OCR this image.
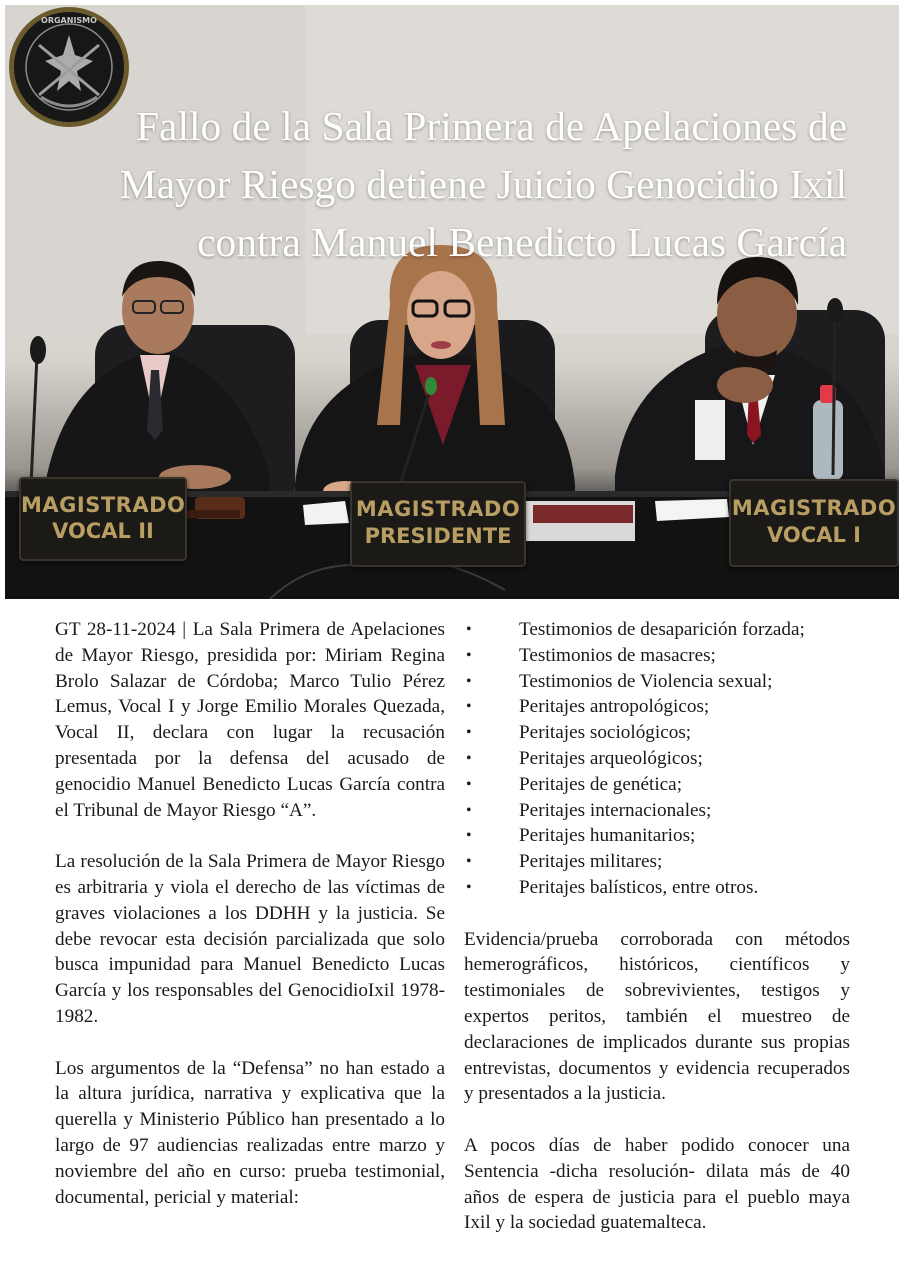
MAGISTRADO
VOCAL II
MAGISTRADO
PRESIDENTE
MAGISTRADO
VOCAL I
ORGANISMO
Fallo de la Sala Primera de Apelaciones de
Mayor Riesgo detiene Juicio Genocidio Ixil
contra Manuel Benedicto Lucas García

GT 28-11-2024 | La Sala Primera de Apelaciones de Mayor Riesgo, presidida por: Miriam Regina Brolo Salazar de Córdoba; Marco Tulio Pérez Lemus, Vocal I y Jorge Emilio Morales Quezada, Vocal II, declara con lugar la recusación presentada por la defensa del acusado de genocidio Manuel Benedicto Lucas García contra el Tribunal de Mayor Riesgo “A”.

La resolución de la Sala Primera de Mayor Riesgo es arbitraria y viola el derecho de las víctimas de graves violaciones a los DDHH y la justicia. Se debe revocar esta decisión parcializada que solo busca impunidad para Manuel Benedicto Lucas García y los responsables del GenocidioIxil 1978-1982.

Los argumentos de la “Defensa” no han estado a la altura jurídica, narrativa y explicativa que la querella y Ministerio Público han presentado a lo largo de 97 audiencias realizadas entre marzo y noviembre del año en curso: prueba testimonial, documental, pericial y material:

• Testimonios de desaparición forzada;
• Testimonios de masacres;
• Testimonios de Violencia sexual;
• Peritajes antropológicos;
• Peritajes sociológicos;
• Peritajes arqueológicos;
• Peritajes de genética;
• Peritajes internacionales;
• Peritajes humanitarios;
• Peritajes militares;
• Peritajes balísticos, entre otros.

Evidencia/prueba corroborada con métodos hemerográficos, históricos, científicos y testimoniales de sobrevivientes, testigos y expertos peritos, también el muestreo de declaraciones de implicados durante sus propias entrevistas, documentos y evidencia recuperados y presentados a la justicia.

A pocos días de haber podido conocer una Sentencia -dicha resolución- dilata más de 40 años de espera de justicia para el pueblo maya Ixil y la sociedad guatemalteca.
